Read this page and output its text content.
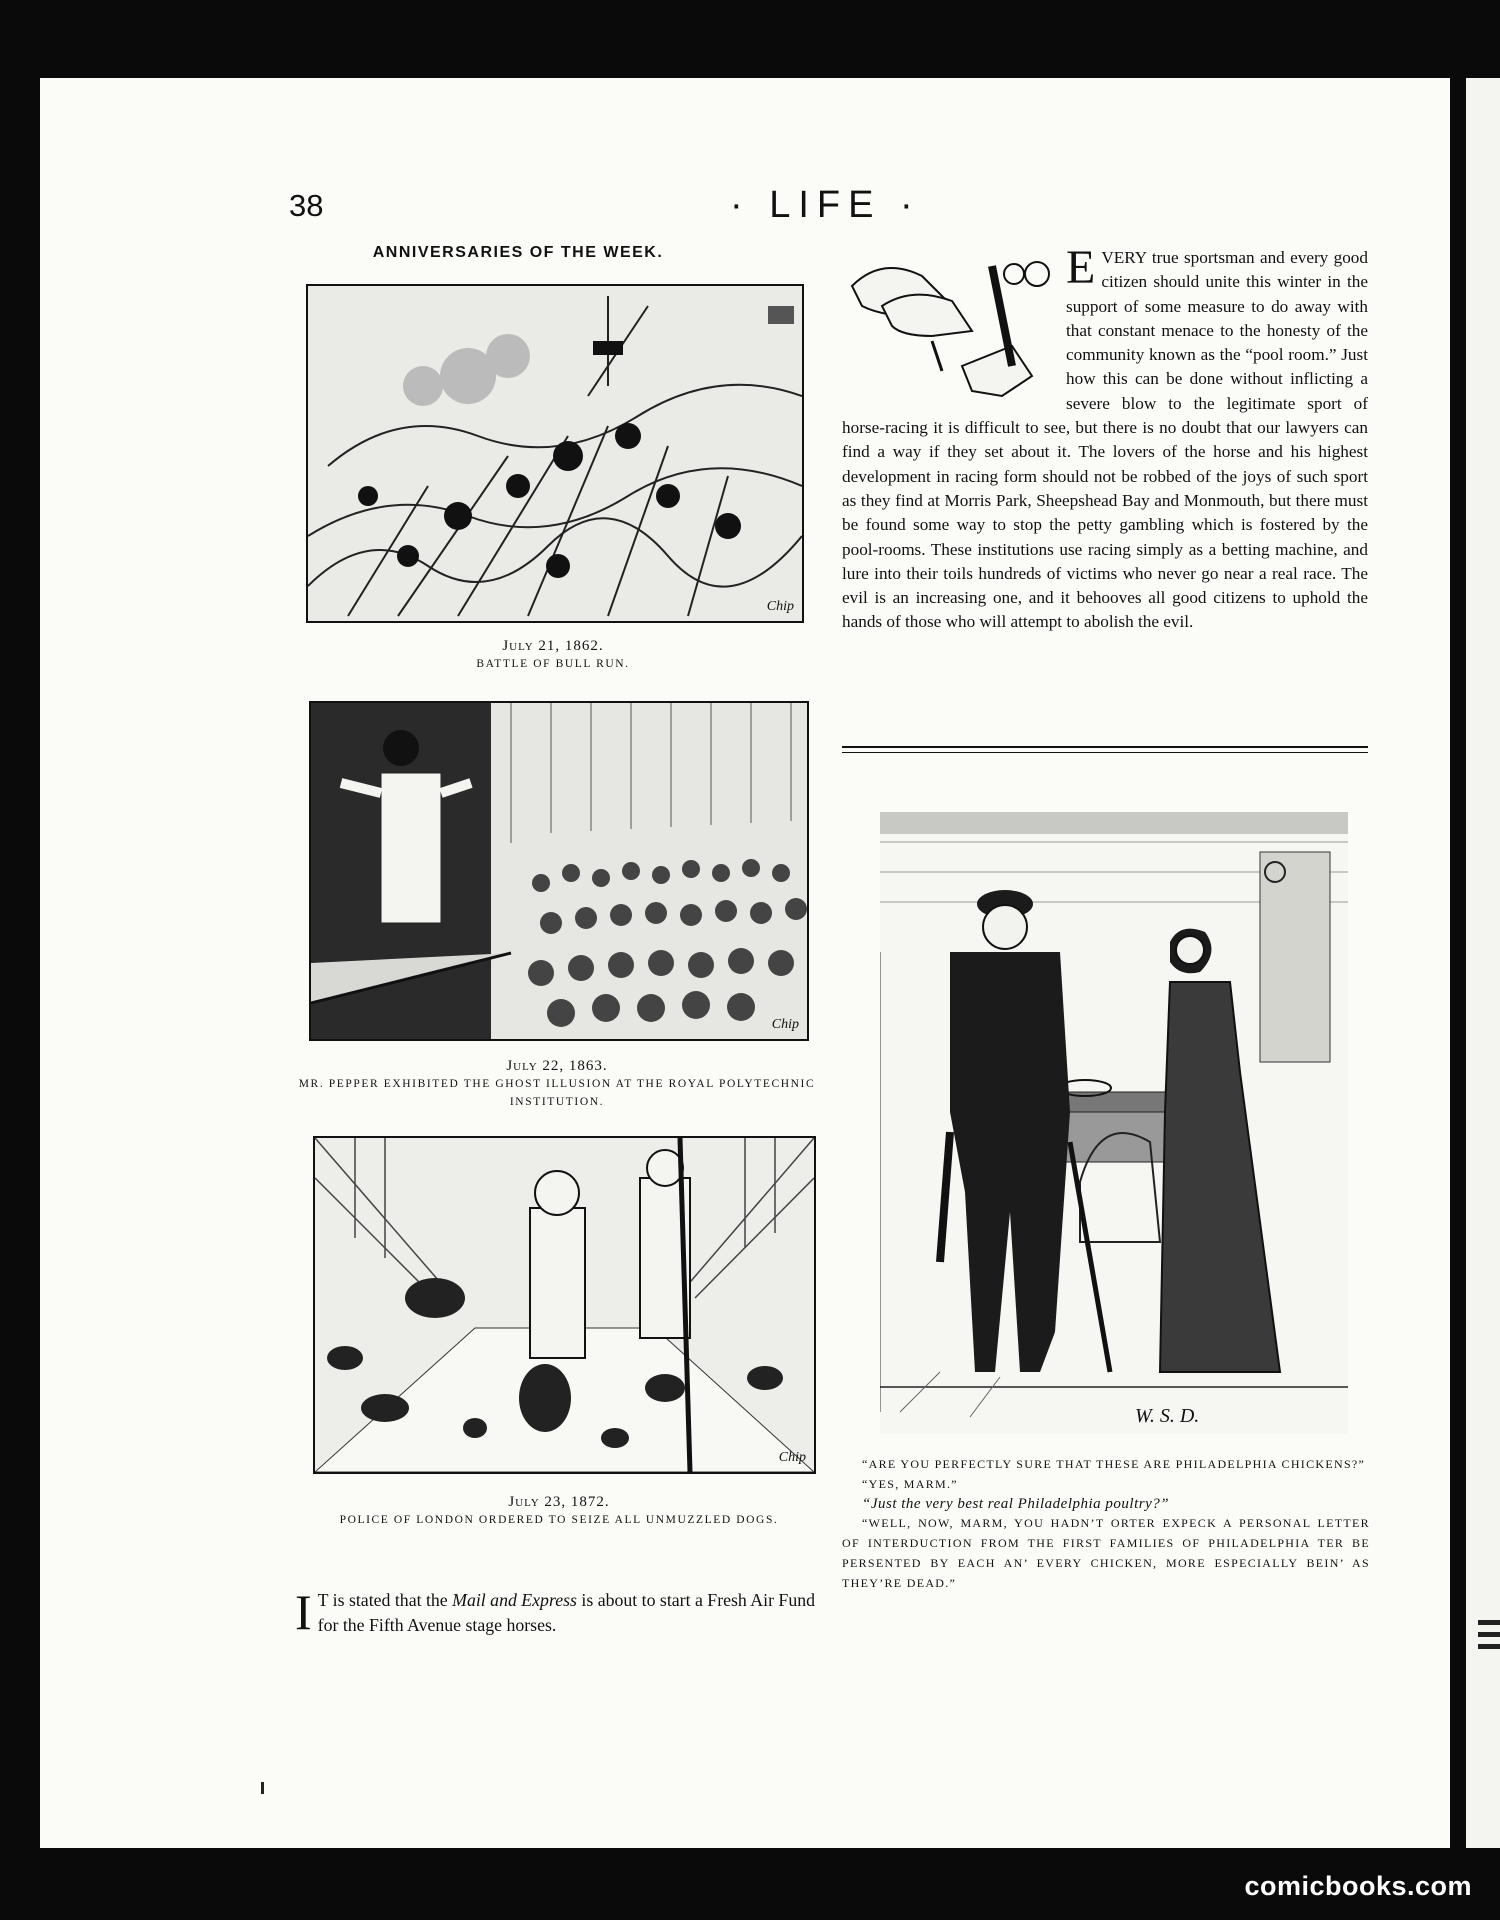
38	· LIFE ·
ANNIVERSARIES OF THE WEEK.
Chip
July 21, 1862.
BATTLE OF BULL RUN.
Chip
July 22, 1863.
MR. PEPPER EXHIBITED THE GHOST ILLUSION AT THE ROYAL POLYTECHNIC INSTITUTION.
Chip
July 23, 1872.
POLICE OF LONDON ORDERED TO SEIZE ALL UNMUZZLED DOGS.

I T is stated that the Mail and Express is about to start a Fresh Air Fund for the Fifth Avenue stage horses.

EVERY true sportsman and every good citizen should unite this winter in the support of some measure to do away with that constant menace to the honesty of the community known as the “pool room.” Just how this can be done without inflicting a severe blow to the legitimate sport of horse-racing it is difficult to see, but there is no doubt that our lawyers can find a way if they set about it. The lovers of the horse and his highest development in racing form should not be robbed of the joys of such sport as they find at Morris Park, Sheepshead Bay and Monmouth, but there must be found some way to stop the petty gambling which is fostered by the pool-rooms. These institutions use racing simply as a betting machine, and lure into their toils hundreds of victims who never go near a real race. The evil is an increasing one, and it behooves all good citizens to uphold the hands of those who will attempt to abolish the evil.

W. S. D.

“ARE YOU PERFECTLY SURE THAT THESE ARE PHILADELPHIA CHICKENS?”

“YES, MARM.”

“Just the very best real Philadelphia poultry?”

“WELL, NOW, MARM, YOU HADN’T ORTER EXPECK A PERSONAL LETTER OF INTERDUCTION FROM THE FIRST FAMILIES OF PHILADELPHIA TER BE PERSENTED BY EACH AN’ EVERY CHICKEN, MORE ESPECIALLY BEIN’ AS THEY’RE DEAD.”

comicbooks.com
